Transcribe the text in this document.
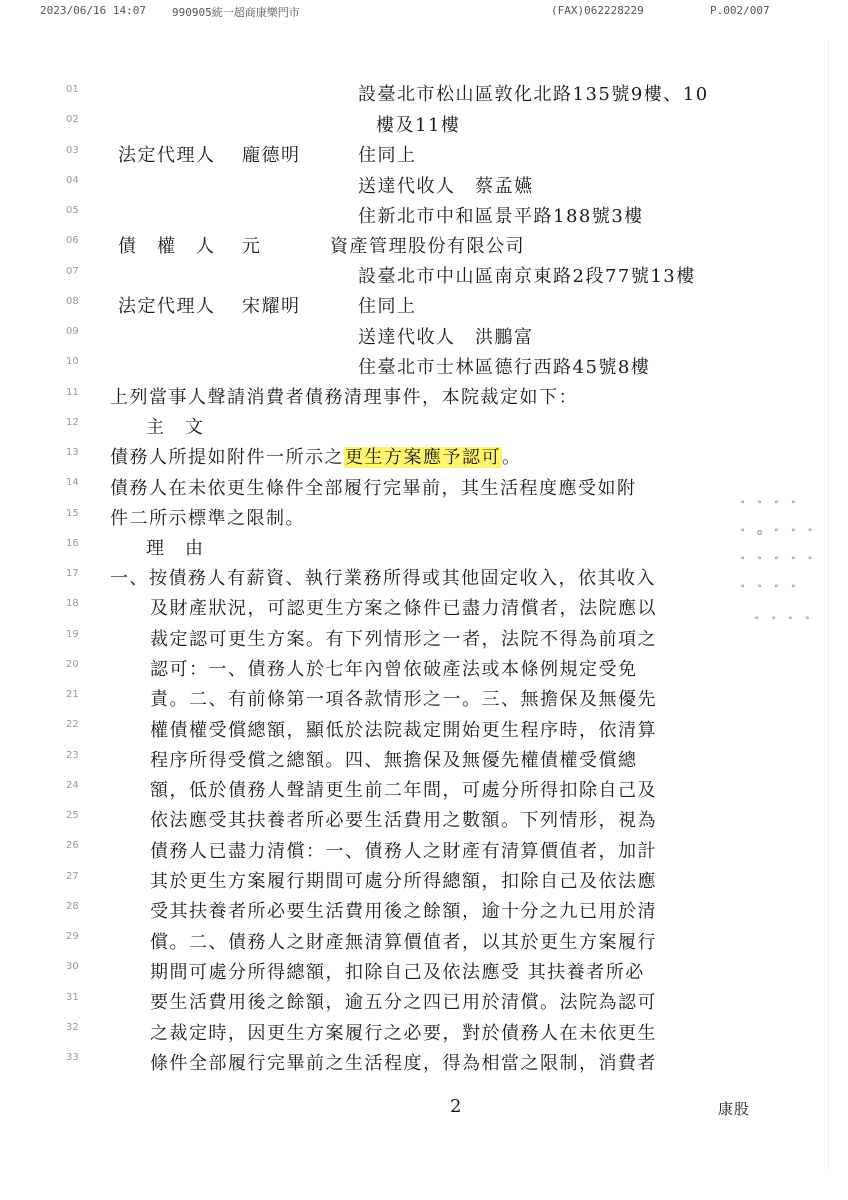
2023/06/16 14:07 990905統一超商康樂門市	(FAX)062228229	P.002/007
01
02
03
04
05
06
07
08
09
10
11
12
13
14
15
16
17
18
19
20
21
22
23
24
25
26
27
28
29
30
31
32
33
設臺北市松山區敦化北路135號9樓、10
樓及11樓
法定代理人 龐德明	住同上
送達代收人　蔡孟嬿
住新北市中和區景平路188號3樓
債　權　人 元	資產管理股份有限公司
設臺北市中山區南京東路2段77號13樓
法定代理人 宋耀明	住同上
送達代收人　洪鵬富
住臺北市士林區德行西路45號8樓
上列當事人聲請消費者債務清理事件，本院裁定如下：
主　文
債務人所提如附件一所示之更生方案應予認可。
債務人在未依更生條件全部履行完畢前，其生活程度應受如附
件二所示標準之限制。
理　由
一、按債務人有薪資、執行業務所得或其他固定收入，依其收入
及財產狀況，可認更生方案之條件已盡力清償者，法院應以
裁定認可更生方案。有下列情形之一者，法院不得為前項之
認可：一、債務人於七年內曾依破產法或本條例規定受免
責。二、有前條第一項各款情形之一。三、無擔保及無優先
權債權受償總額，顯低於法院裁定開始更生程序時，依清算
程序所得受償之總額。四、無擔保及無優先權債權受償總
額，低於債務人聲請更生前二年間，可處分所得扣除自己及
依法應受其扶養者所必要生活費用之數額。下列情形，視為
債務人已盡力清償：一、債務人之財產有清算價值者，加計
其於更生方案履行期間可處分所得總額，扣除自己及依法應
受其扶養者所必要生活費用後之餘額，逾十分之九已用於清
償。二、債務人之財產無清算價值者，以其於更生方案履行
期間可處分所得總額，扣除自己及依法應受 其扶養者所必
要生活費用後之餘額，逾五分之四已用於清償。法院為認可
之裁定時，因更生方案履行之必要，對於債務人在未依更生
條件全部履行完畢前之生活程度，得為相當之限制，消費者
° ° ° °
° o ° ° °
° ° ° ° °
° ° ° °
° ° ° °
2	康股
